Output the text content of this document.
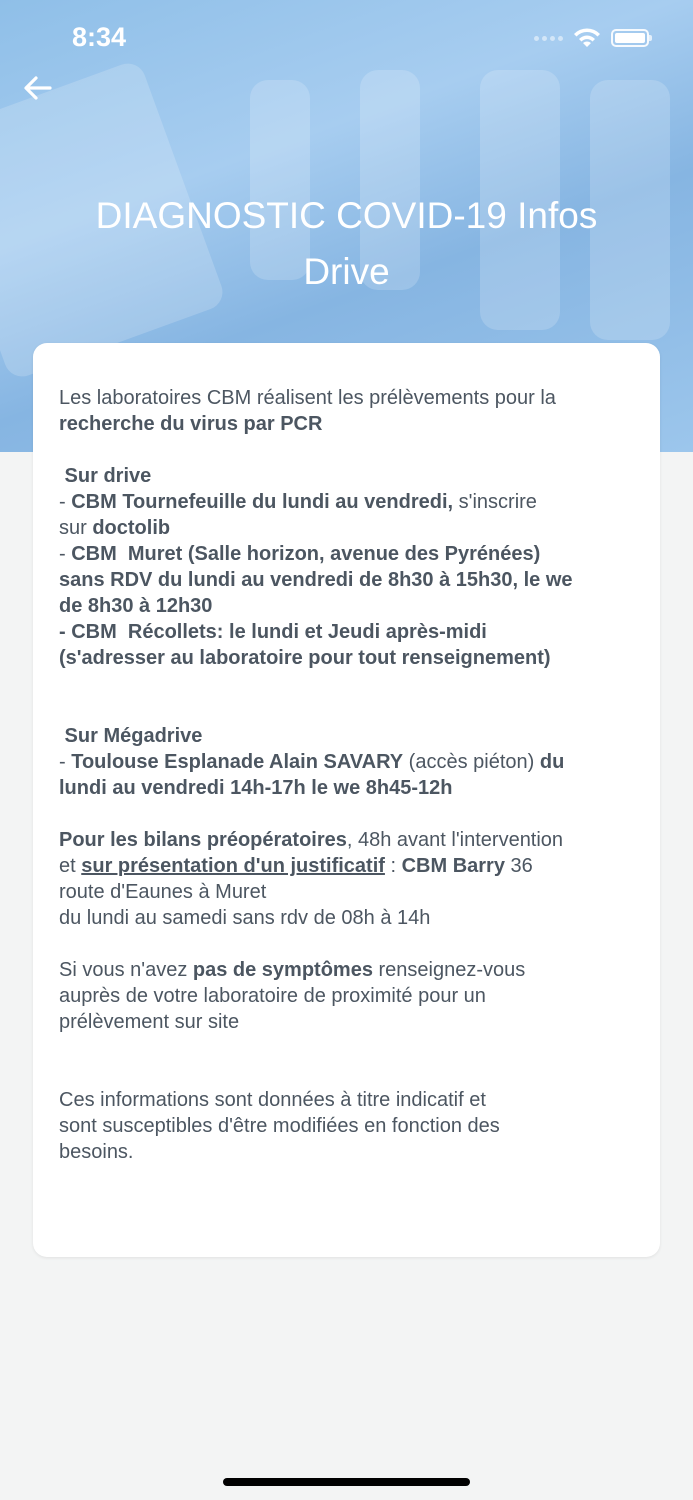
8:34
DIAGNOSTIC COVID-19 Infos
Drive
Les laboratoires CBM réalisent les prélèvements pour la
recherche du virus par PCR
Sur drive
- CBM Tournefeuille du lundi au vendredi, s'inscrire
sur doctolib
- CBM  Muret (Salle horizon, avenue des Pyrénées)
sans RDV du lundi au vendredi de 8h30 à 15h30, le we
de 8h30 à 12h30
- CBM  Récollets: le lundi et Jeudi après-midi
(s'adresser au laboratoire pour tout renseignement)
Sur Mégadrive
- Toulouse Esplanade Alain SAVARY (accès piéton) du
lundi au vendredi 14h-17h le we 8h45-12h
Pour les bilans préopératoires, 48h avant l'intervention
et sur présentation d'un justificatif : CBM Barry 36
route d'Eaunes à Muret
du lundi au samedi sans rdv de 08h à 14h
Si vous n'avez pas de symptômes renseignez-vous
auprès de votre laboratoire de proximité pour un
prélèvement sur site
Ces informations sont données à titre indicatif et
sont susceptibles d'être modifiées en fonction des
besoins.
